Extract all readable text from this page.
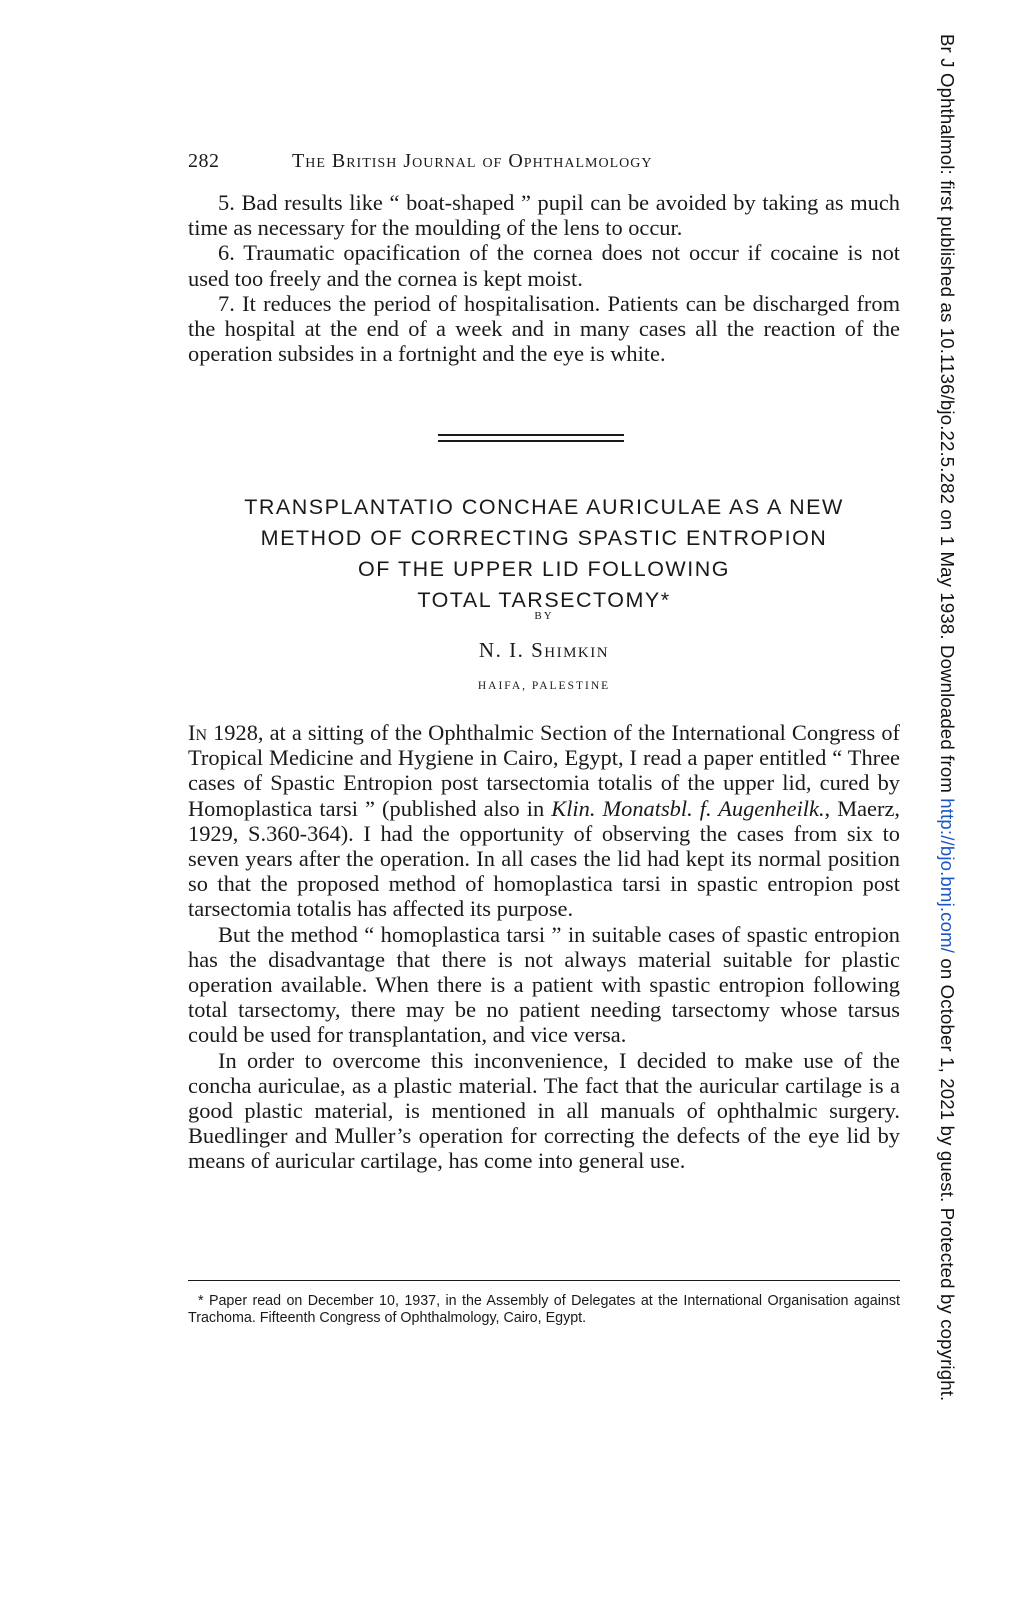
282	The British Journal of Ophthalmology

5. Bad results like “ boat-shaped ” pupil can be avoided by taking as much time as necessary for the moulding of the lens to occur.

6. Traumatic opacification of the cornea does not occur if cocaine is not used too freely and the cornea is kept moist.

7. It reduces the period of hospitalisation. Patients can be discharged from the hospital at the end of a week and in many cases all the reaction of the operation subsides in a fortnight and the eye is white.

TRANSPLANTATIO CONCHAE AURICULAE AS A NEW
METHOD OF CORRECTING SPASTIC ENTROPION
OF THE UPPER LID FOLLOWING
TOTAL TARSECTOMY*
BY
N. I. Shimkin
HAIFA, PALESTINE

In 1928, at a sitting of the Ophthalmic Section of the International Congress of Tropical Medicine and Hygiene in Cairo, Egypt, I read a paper entitled “ Three cases of Spastic Entropion post tarsectomia totalis of the upper lid, cured by Homoplastica tarsi ” (published also in Klin. Monatsbl. f. Augenheilk., Maerz, 1929, S.360-364). I had the opportunity of observing the cases from six to seven years after the operation. In all cases the lid had kept its normal position so that the proposed method of homoplastica tarsi in spastic entropion post tarsectomia totalis has affected its purpose.

But the method “ homoplastica tarsi ” in suitable cases of spastic entropion has the disadvantage that there is not always material suitable for plastic operation available. When there is a patient with spastic entropion following total tarsectomy, there may be no patient needing tarsectomy whose tarsus could be used for transplantation, and vice versa.

In order to overcome this inconvenience, I decided to make use of the concha auriculae, as a plastic material. The fact that the auricular cartilage is a good plastic material, is mentioned in all manuals of ophthalmic surgery. Buedlinger and Muller’s operation for correcting the defects of the eye lid by means of auricular cartilage, has come into general use.

* Paper read on December 10, 1937, in the Assembly of Delegates at the International Organisation against Trachoma. Fifteenth Congress of Ophthalmology, Cairo, Egypt.

Br J Ophthalmol: first published as 10.1136/bjo.22.5.282 on 1 May 1938. Downloaded from http://bjo.bmj.com/ on October 1, 2021 by guest. Protected by copyright.
